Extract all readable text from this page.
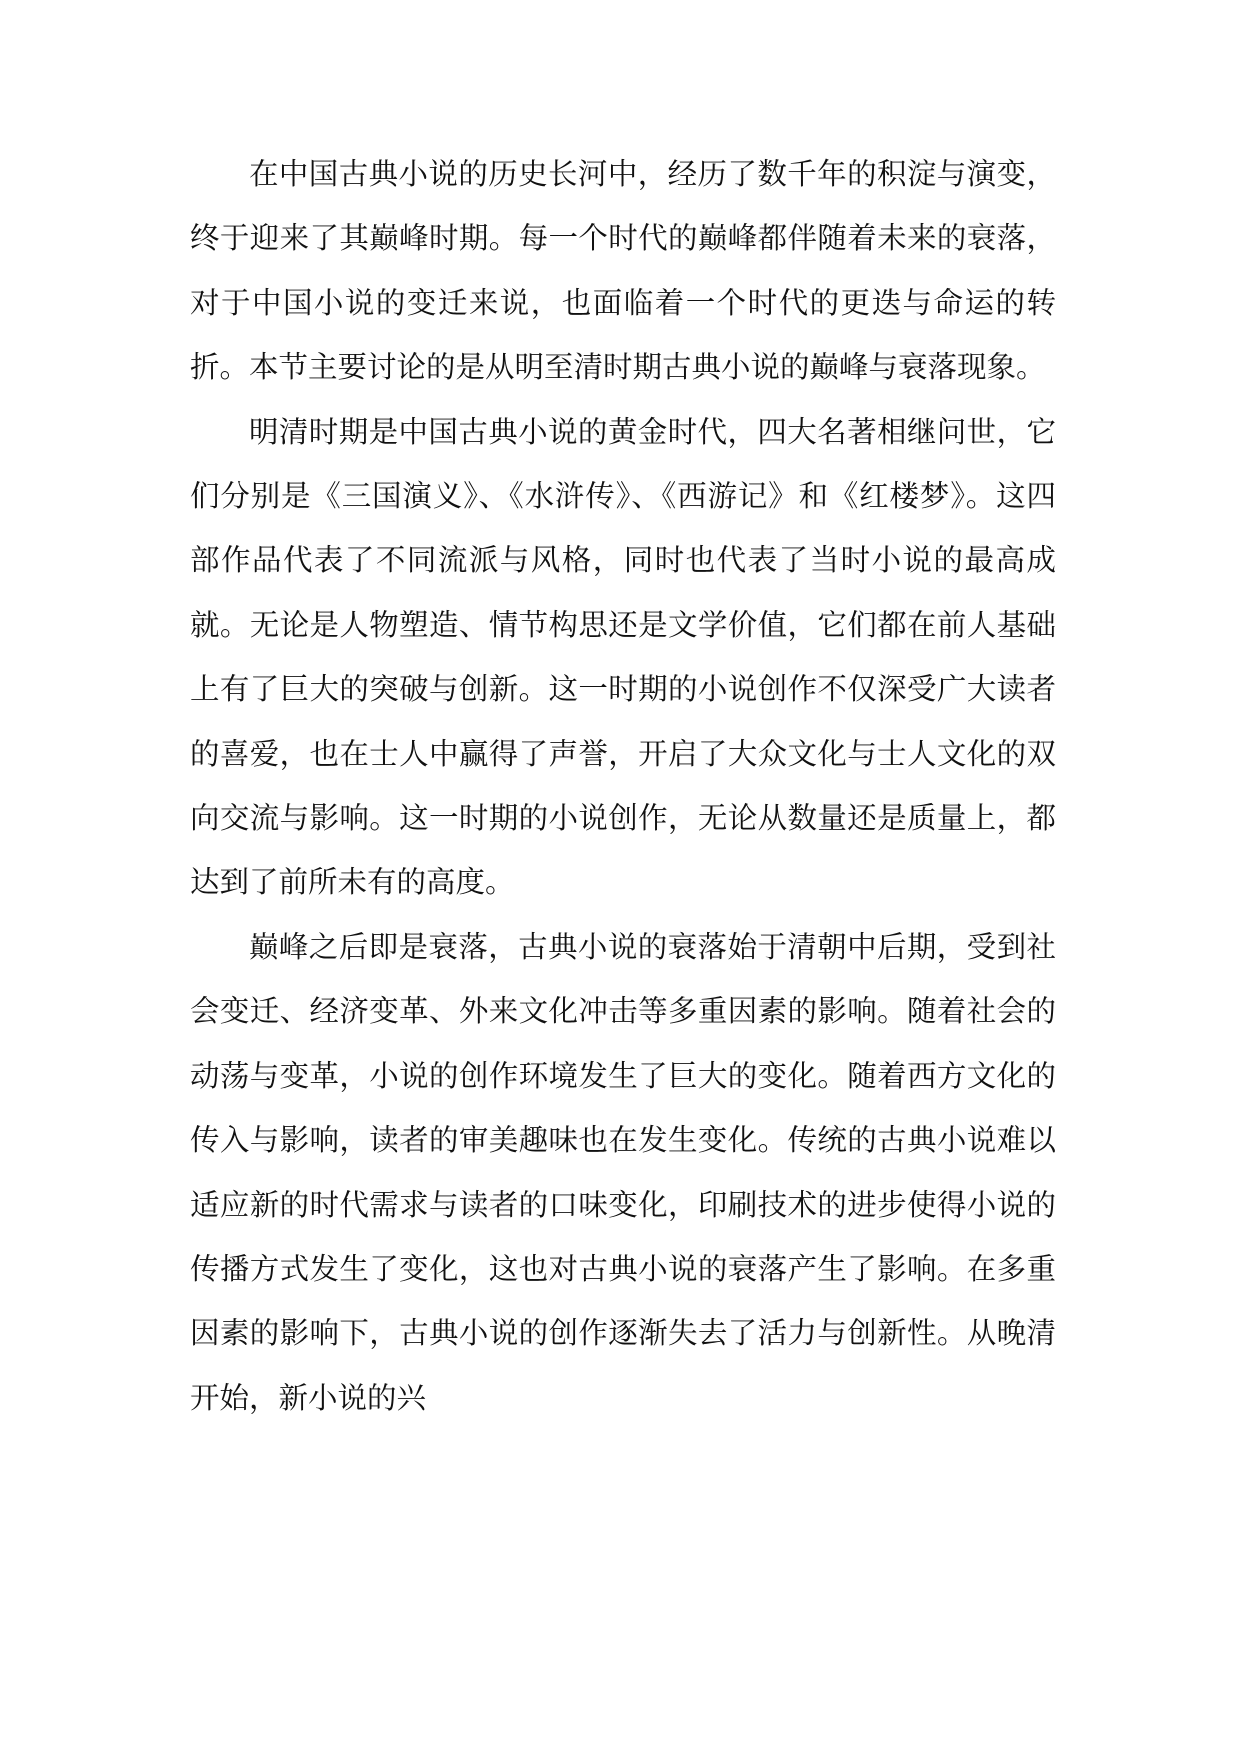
在中国古典小说的历史长河中，经历了数千年的积淀与演变，终于迎来了其巅峰时期。每一个时代的巅峰都伴随着未来的衰落，对于中国小说的变迁来说，也面临着一个时代的更迭与命运的转折。本节主要讨论的是从明至清时期古典小说的巅峰与衰落现象。

明清时期是中国古典小说的黄金时代，四大名著相继问世，它们分别是《三国演义》、《水浒传》、《西游记》和《红楼梦》。这四部作品代表了不同流派与风格，同时也代表了当时小说的最高成就。无论是人物塑造、情节构思还是文学价值，它们都在前人基础上有了巨大的突破与创新。这一时期的小说创作不仅深受广大读者的喜爱，也在士人中赢得了声誉，开启了大众文化与士人文化的双向交流与影响。这一时期的小说创作，无论从数量还是质量上，都达到了前所未有的高度。

巅峰之后即是衰落，古典小说的衰落始于清朝中后期，受到社会变迁、经济变革、外来文化冲击等多重因素的影响。随着社会的动荡与变革，小说的创作环境发生了巨大的变化。随着西方文化的传入与影响，读者的审美趣味也在发生变化。传统的古典小说难以适应新的时代需求与读者的口味变化，印刷技术的进步使得小说的传播方式发生了变化，这也对古典小说的衰落产生了影响。在多重因素的影响下，古典小说的创作逐渐失去了活力与创新性。从晚清开始，新小说的兴
